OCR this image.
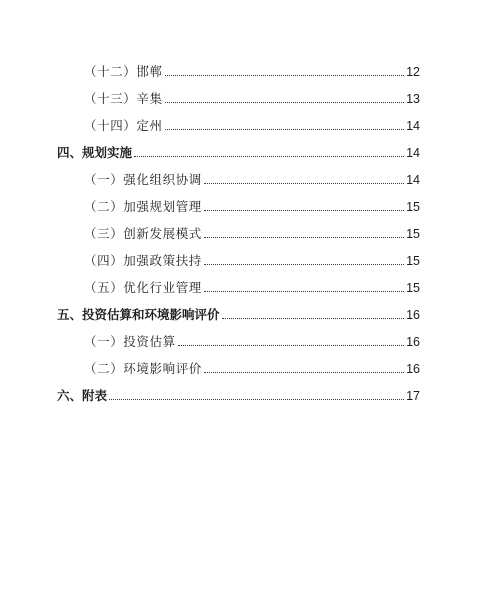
（十二）邯郸	12
（十三）辛集	13
（十四）定州	14
四、规划实施	14
（一）强化组织协调	14
（二）加强规划管理	15
（三）创新发展模式	15
（四）加强政策扶持	15
（五）优化行业管理	15
五、投资估算和环境影响评价	16
（一）投资估算	16
（二）环境影响评价	16
六、附表	17
